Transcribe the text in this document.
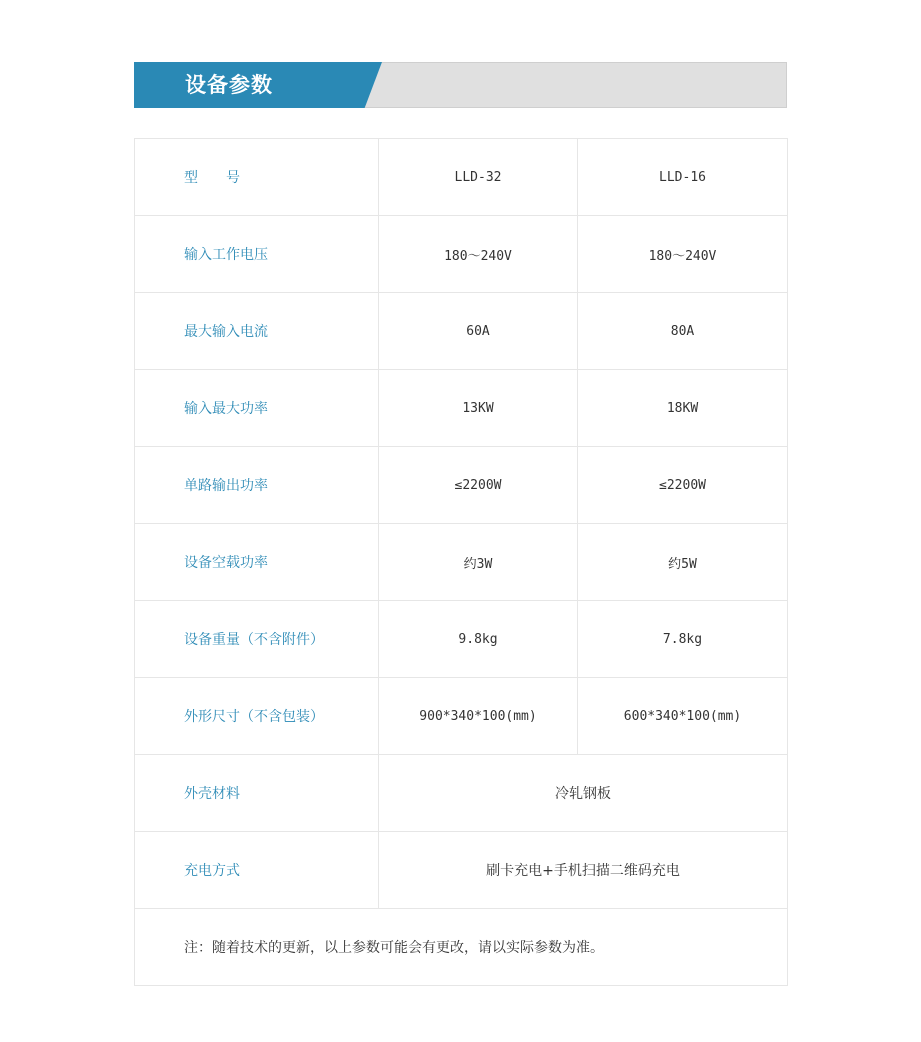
设备参数
型　　号	LLD-32	LLD-16
输入工作电压	180～240V	180～240V
最大输入电流	60A	80A
输入最大功率	13KW	18KW
单路输出功率	≤2200W	≤2200W
设备空载功率	约3W	约5W
设备重量（不含附件）	9.8kg	7.8kg
外形尺寸（不含包装）	900*340*100(mm)	600*340*100(mm)
外壳材料	冷轧钢板	
充电方式	刷卡充电+手机扫描二维码充电	
注：随着技术的更新，以上参数可能会有更改，请以实际参数为准。		
